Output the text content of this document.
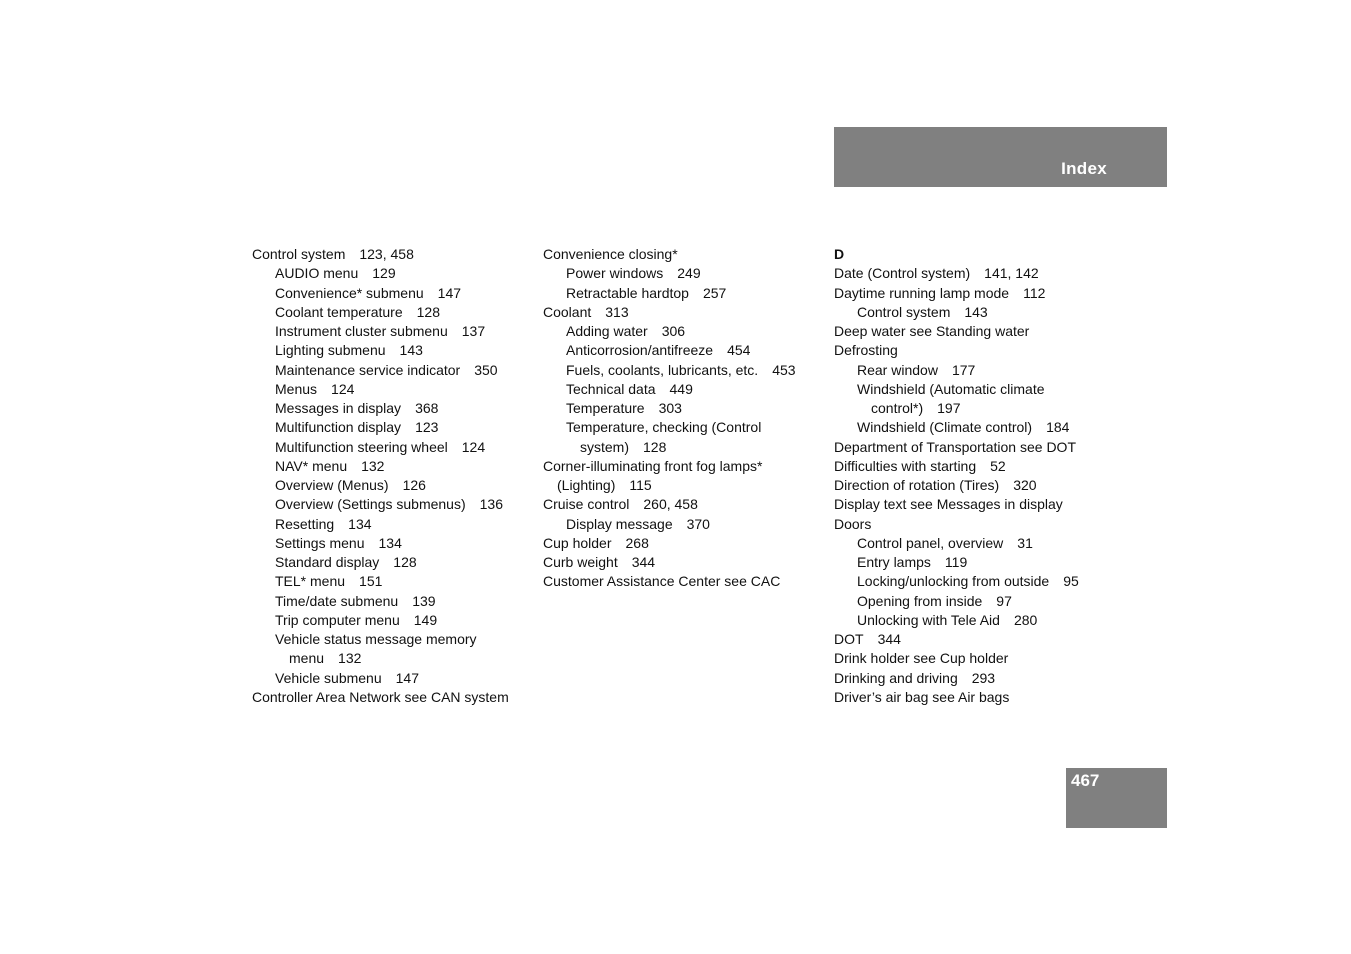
Index
Control system 123, 458
AUDIO menu 129
Convenience* submenu 147
Coolant temperature 128
Instrument cluster submenu 137
Lighting submenu 143
Maintenance service indicator 350
Menus 124
Messages in display 368
Multifunction display 123
Multifunction steering wheel 124
NAV* menu 132
Overview (Menus) 126
Overview (Settings submenus) 136
Resetting 134
Settings menu 134
Standard display 128
TEL* menu 151
Time/date submenu 139
Trip computer menu 149
Vehicle status message memory
menu 132
Vehicle submenu 147
Controller Area Network see CAN system
Convenience closing*
Power windows 249
Retractable hardtop 257
Coolant 313
Adding water 306
Anticorrosion/antifreeze 454
Fuels, coolants, lubricants, etc. 453
Technical data 449
Temperature 303
Temperature, checking (Control
system) 128
Corner-illuminating front fog lamps*
(Lighting) 115
Cruise control 260, 458
Display message 370
Cup holder 268
Curb weight 344
Customer Assistance Center see CAC
D
Date (Control system) 141, 142
Daytime running lamp mode 112
Control system 143
Deep water see Standing water
Defrosting
Rear window 177
Windshield (Automatic climate
control*) 197
Windshield (Climate control) 184
Department of Transportation see DOT
Difficulties with starting 52
Direction of rotation (Tires) 320
Display text see Messages in display
Doors
Control panel, overview 31
Entry lamps 119
Locking/unlocking from outside 95
Opening from inside 97
Unlocking with Tele Aid 280
DOT 344
Drink holder see Cup holder
Drinking and driving 293
Driver’s air bag see Air bags
467
